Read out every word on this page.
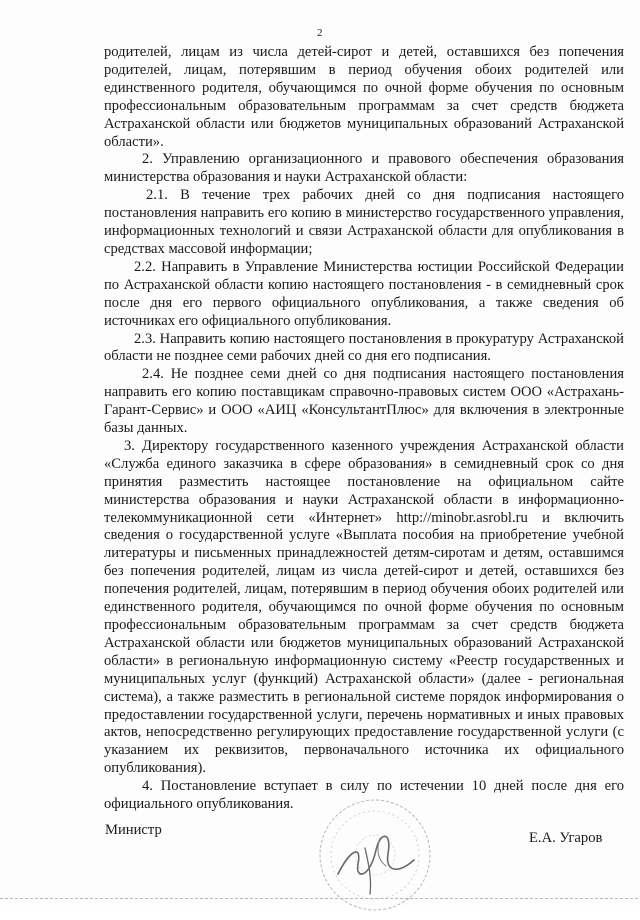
2

родителей, лицам из числа детей-сирот и детей, оставшихся без попечения родителей, лицам, потерявшим в период обучения обоих родителей или единственного родителя, обучающимся по очной форме обучения по основным профессиональным образовательным программам за счет средств бюджета Астраханской области или бюджетов муниципальных образований Астраханской области».

2. Управлению организационного и правового обеспечения образования министерства образования и науки Астраханской области:

2.1. В течение трех рабочих дней со дня подписания настоящего постановления направить его копию в министерство государственного управления, информационных технологий и связи Астраханской области для опубликования в средствах массовой информации;

2.2. Направить в Управление Министерства юстиции Российской Федерации по Астраханской области копию настоящего постановления - в семидневный срок после дня его первого официального опубликования, а также сведения об источниках его официального опубликования.

2.3. Направить копию настоящего постановления в прокуратуру Астраханской области не позднее семи рабочих дней со дня его подписания.

2.4. Не позднее семи дней со дня подписания настоящего постановления направить его копию поставщикам справочно-правовых систем ООО «Астрахань-Гарант-Сервис» и ООО «АИЦ «КонсультантПлюс» для включения в электронные базы данных.

3. Директору государственного казенного учреждения Астраханской области «Служба единого заказчика в сфере образования» в семидневный срок со дня принятия разместить настоящее постановление на официальном сайте министерства образования и науки Астраханской области в информационно-телекоммуникационной сети «Интернет» http://minobr.asrobl.ru и включить сведения о государственной услуге «Выплата пособия на приобретение учебной литературы и письменных принадлежностей детям-сиротам и детям, оставшимся без попечения родителей, лицам из числа детей-сирот и детей, оставшихся без попечения родителей, лицам, потерявшим в период обучения обоих родителей или единственного родителя, обучающимся по очной форме обучения по основным профессиональным образовательным программам за счет средств бюджета Астраханской области или бюджетов муниципальных образований Астраханской области» в региональную информационную систему «Реестр государственных и муниципальных услуг (функций) Астраханской области» (далее - региональная система), а также разместить в региональной системе порядок информирования о предоставлении государственной услуги, перечень нормативных и иных правовых актов, непосредственно регулирующих предоставление государственной услуги (с указанием их реквизитов, первоначального источника их официального опубликования).

4. Постановление вступает в силу по истечении 10 дней после дня его официального опубликования.

Министр	Е.А. Угаров
